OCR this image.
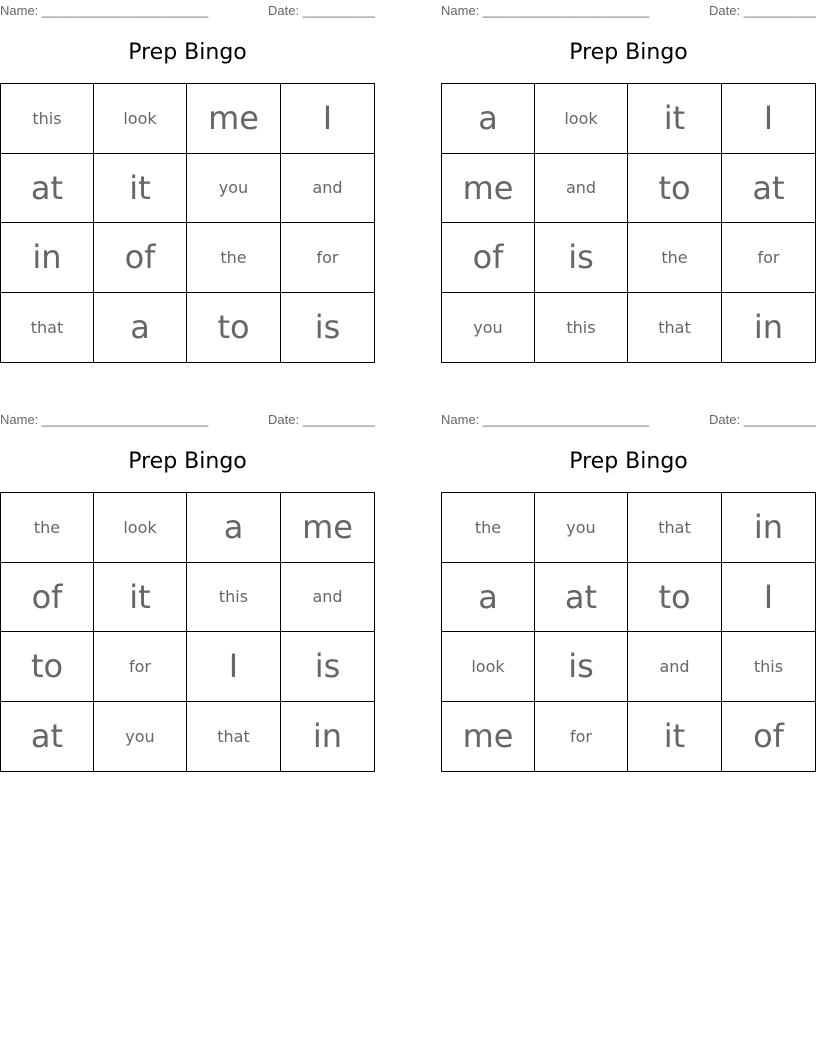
Name: _______________________	Date: __________
Prep Bingo
this	look	me	I
at	it	you	and
in	of	the	for
that	a	to	is
Name: _______________________	Date: __________
Prep Bingo
a	look	it	I
me	and	to	at
of	is	the	for
you	this	that	in
Name: _______________________	Date: __________
Prep Bingo
the	look	a	me
of	it	this	and
to	for	I	is
at	you	that	in
Name: _______________________	Date: __________
Prep Bingo
the	you	that	in
a	at	to	I
look	is	and	this
me	for	it	of
